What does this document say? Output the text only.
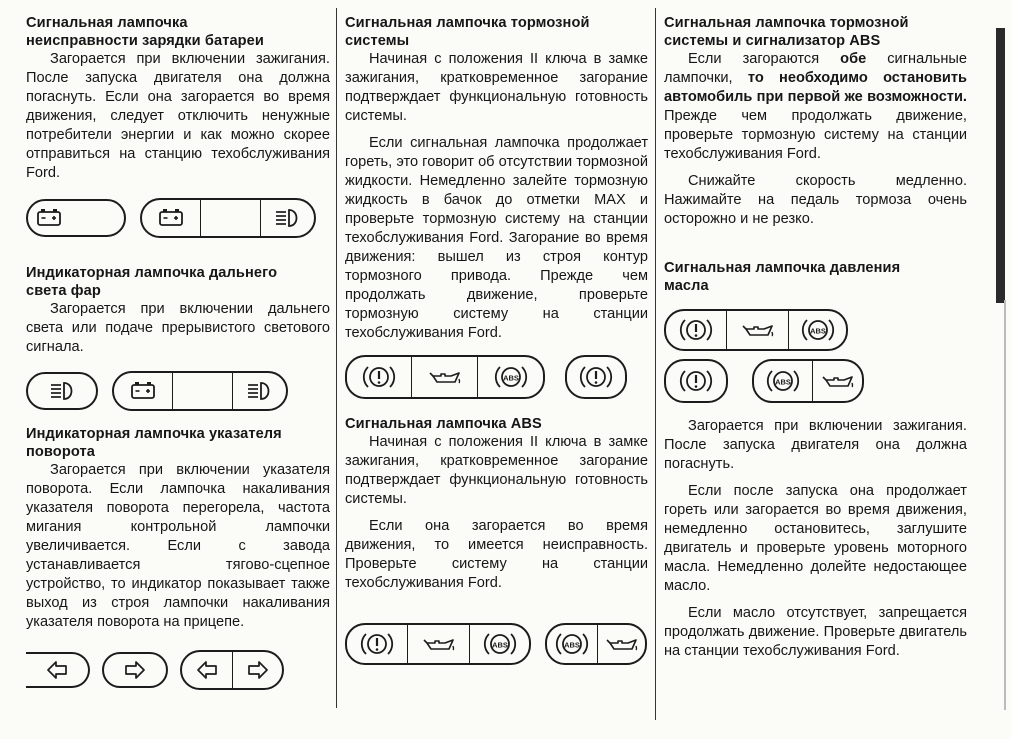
Сигнальная лампочка
неисправности зарядки батареи

Загорается при включении зажигания. После запуска двигателя она должна погаснуть. Если она загорается во время движения, следует отключить ненужные потребители энергии и как можно скорее отправиться на станцию техобслуживания Ford.

Индикаторная лампочка дальнего
света фар

Загорается при включении дальнего света или подаче прерывистого светового сигнала.

Индикаторная лампочка указателя
поворота

Загорается при включении указателя поворота. Если лампочка накаливания указателя поворота перегорела, частота мигания контрольной лампочки увеличивается. Если с завода устанавливается тягово-сцепное устройство, то индикатор показывает также выход из строя лампочки накаливания указателя поворота на прицепе.

Сигнальная лампочка тормозной
системы

Начиная с положения II ключа в замке зажигания, кратковременное загорание подтверждает функциональную готовность системы.

Если сигнальная лампочка продолжает гореть, это говорит об отсутствии тормозной жидкости. Немедленно залейте тормозную жидкость в бачок до отметки MAX и проверьте тормозную систему на станции техобслуживания Ford. Загорание во время движения: вышел из строя контур тормозного привода. Прежде чем продолжать движение, проверьте тормозную систему на станции техобслуживания Ford.

ABS
Сигнальная лампочка ABS

Начиная с положения II ключа в замке зажигания, кратковременное загорание подтверждает функциональную готовность системы.

Если она загорается во время движения, то имеется неисправность. Проверьте систему на станции техобслуживания Ford.

ABS	ABS
Сигнальная лампочка тормозной
системы и сигнализатор ABS

Если загораются обе сигнальные лампочки, то необходимо остановить автомобиль при первой же возможности. Прежде чем продолжать движение, проверьте тормозную систему на станции техобслуживания Ford.

Снижайте скорость медленно. Нажимайте на педаль тормоза очень осторожно и не резко.

Сигнальная лампочка давления
масла
ABS
ABS

Загорается при включении зажигания. После запуска двигателя она должна погаснуть.

Если после запуска она продолжает гореть или загорается во время движения, немедленно остановитесь, заглушите двигатель и проверьте уровень моторного масла. Немедленно долейте недостающее масло.

Если масло отсутствует, запрещается продолжать движение. Проверьте двигатель на станции техобслуживания Ford.
